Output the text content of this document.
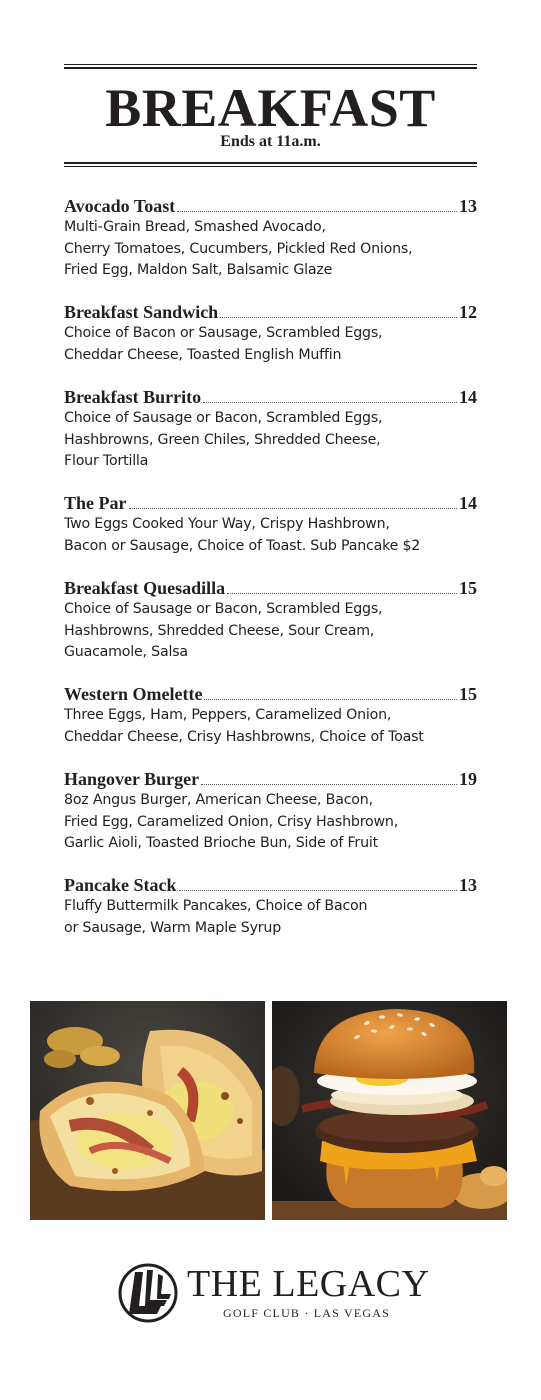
BREAKFAST
Ends at 11a.m.
Avocado Toast	13
Multi-Grain Bread, Smashed Avocado,
Cherry Tomatoes, Cucumbers, Pickled Red Onions,
Fried Egg, Maldon Salt, Balsamic Glaze
Breakfast Sandwich	12
Choice of Bacon or Sausage, Scrambled Eggs,
Cheddar Cheese, Toasted English Muffin
Breakfast Burrito	14
Choice of Sausage or Bacon, Scrambled Eggs,
Hashbrowns, Green Chiles, Shredded Cheese,
Flour Tortilla
The Par	14
Two Eggs Cooked Your Way, Crispy Hashbrown,
Bacon or Sausage, Choice of Toast. Sub Pancake $2
Breakfast Quesadilla	15
Choice of Sausage or Bacon, Scrambled Eggs,
Hashbrowns, Shredded Cheese, Sour Cream,
Guacamole, Salsa
Western Omelette	15
Three Eggs, Ham, Peppers, Caramelized Onion,
Cheddar Cheese, Crisy Hashbrowns, Choice of Toast
Hangover Burger	19
8oz Angus Burger, American Cheese, Bacon,
Fried Egg, Caramelized Onion, Crisy Hashbrown,
Garlic Aioli, Toasted Brioche Bun, Side of Fruit
Pancake Stack	13
Fluffy Buttermilk Pancakes, Choice of Bacon
or Sausage, Warm Maple Syrup
THE LEGACY
GOLF CLUB · LAS VEGAS
